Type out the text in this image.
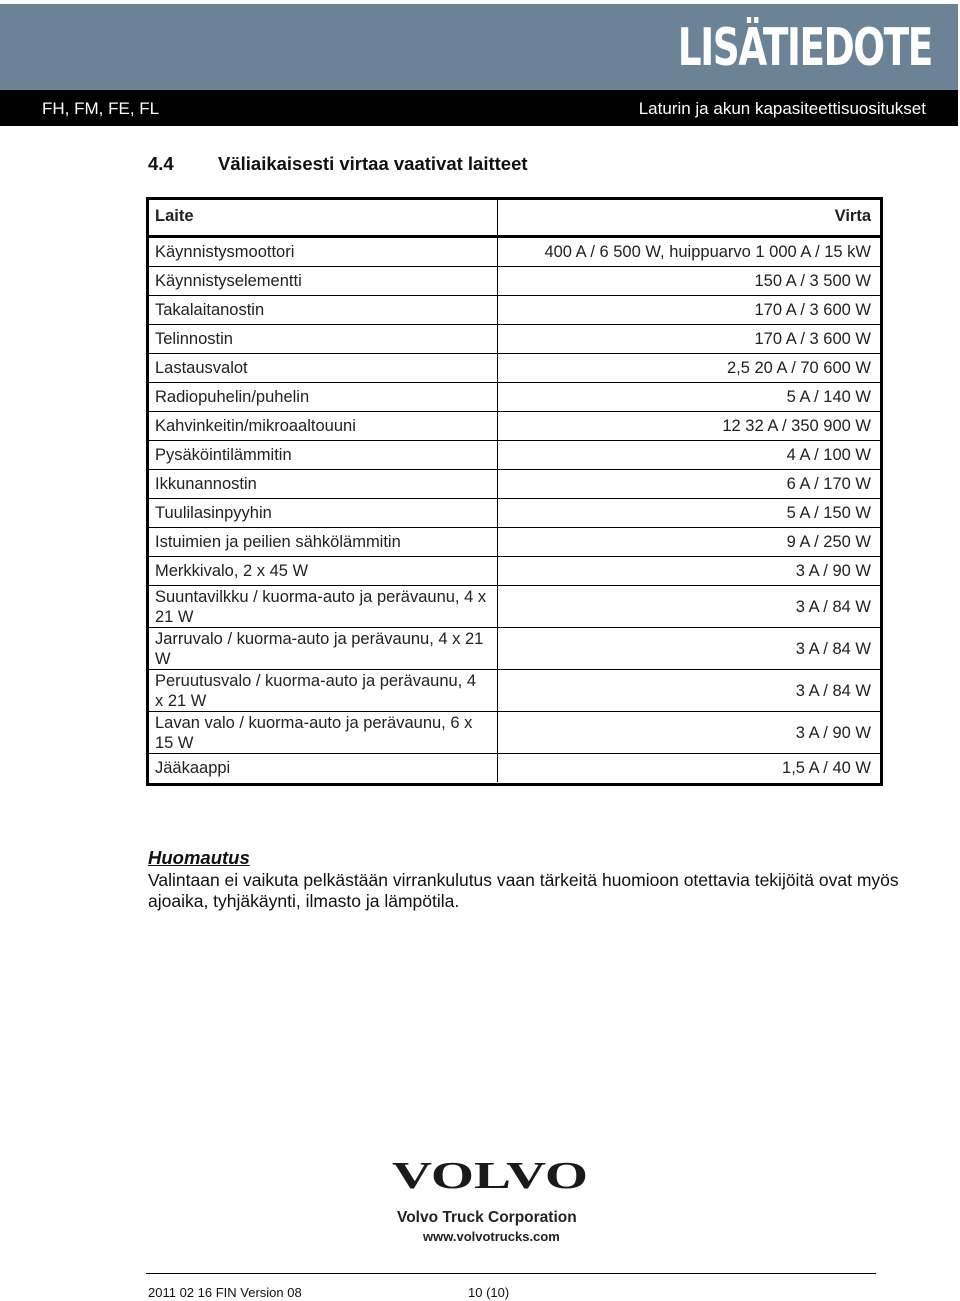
LISÄTIEDOTE
FH, FM, FE, FL	Laturin ja akun kapasiteettisuositukset
4.4 Väliaikaisesti virtaa vaativat laitteet
Laite	Virta
Käynnistysmoottori	400 A / 6 500 W, huippuarvo 1 000 A / 15 kW
Käynnistyselementti	150 A / 3 500 W
Takalaitanostin	170 A / 3 600 W
Telinnostin	170 A / 3 600 W
Lastausvalot	2,5 20 A / 70 600 W
Radiopuhelin/puhelin	5 A / 140 W
Kahvinkeitin/mikroaaltouuni	12 32 A / 350 900 W
Pysäköintilämmitin	4 A / 100 W
Ikkunannostin	6 A / 170 W
Tuulilasinpyyhin	5 A / 150 W
Istuimien ja peilien sähkölämmitin	9 A / 250 W
Merkkivalo, 2 x 45 W	3 A / 90 W
Suuntavilkku / kuorma-auto ja perävaunu, 4 x 21 W	3 A / 84 W
Jarruvalo / kuorma-auto ja perävaunu, 4 x 21 W	3 A / 84 W
Peruutusvalo / kuorma-auto ja perävaunu, 4 x 21 W	3 A / 84 W
Lavan valo / kuorma-auto ja perävaunu, 6 x 15 W	3 A / 90 W
Jääkaappi	1,5 A / 40 W
Huomautus
Valintaan ei vaikuta pelkästään virrankulutus vaan tärkeitä huomioon otettavia tekijöitä ovat myös ajoaika, tyhjäkäynti, ilmasto ja lämpötila.
VOLVO
Volvo Truck Corporation
www.volvotrucks.com
2011 02 16 FIN Version 08	10 (10)
